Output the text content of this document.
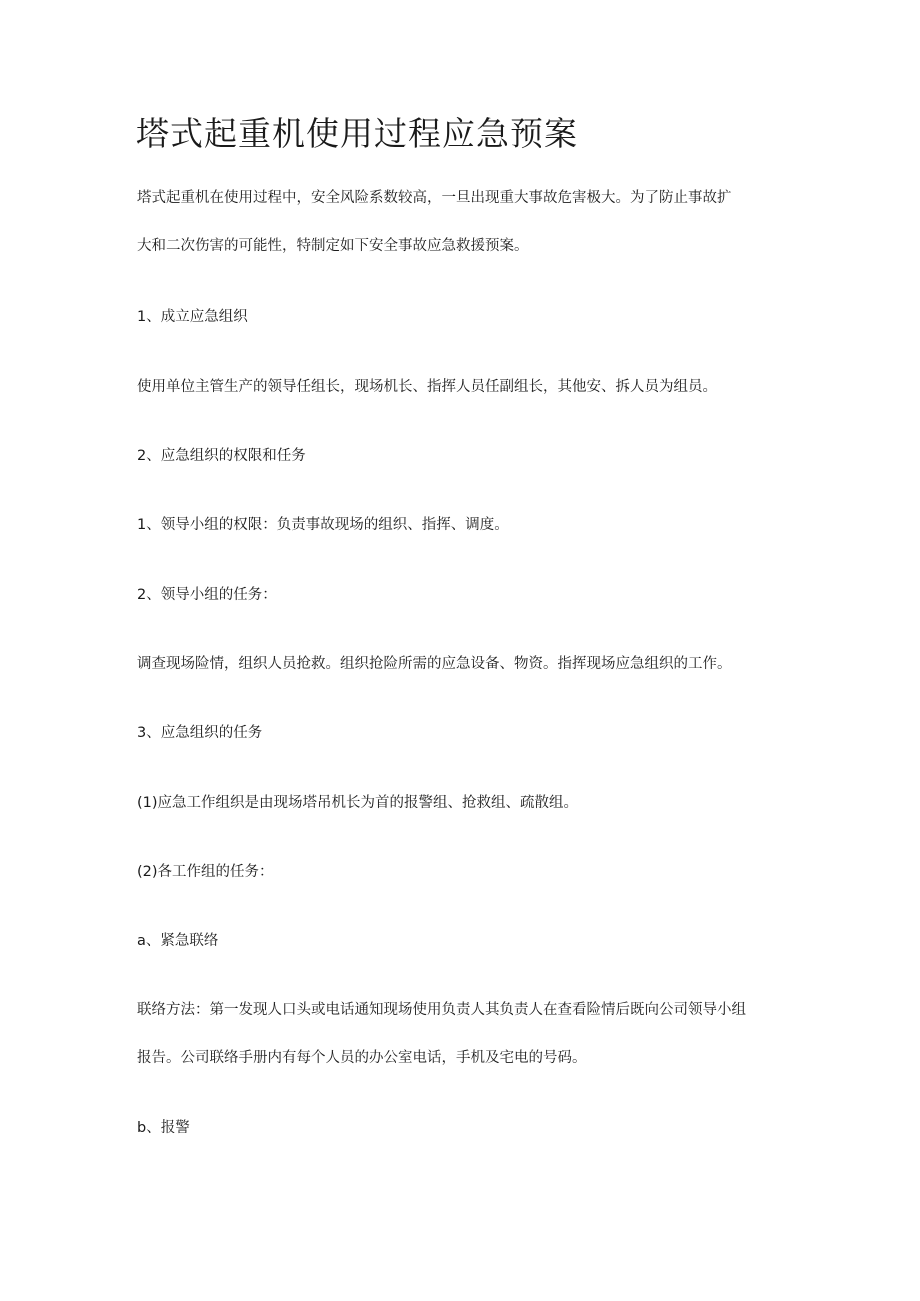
塔式起重机使用过程应急预案

塔式起重机在使用过程中，安全风险系数较高，一旦出现重大事故危害极大。为了防止事故扩

大和二次伤害的可能性，特制定如下安全事故应急救援预案。

1、成立应急组织

使用单位主管生产的领导任组长，现场机长、指挥人员任副组长，其他安、拆人员为组员。

2、应急组织的权限和任务

1、领导小组的权限：负责事故现场的组织、指挥、调度。

2、领导小组的任务：

调查现场险情，组织人员抢救。组织抢险所需的应急设备、物资。指挥现场应急组织的工作。

3、应急组织的任务

(1)应急工作组织是由现场塔吊机长为首的报警组、抢救组、疏散组。

(2)各工作组的任务：

a、紧急联络

联络方法：第一发现人口头或电话通知现场使用负责人其负责人在查看险情后既向公司领导小组

报告。公司联络手册内有每个人员的办公室电话，手机及宅电的号码。

b、报警
